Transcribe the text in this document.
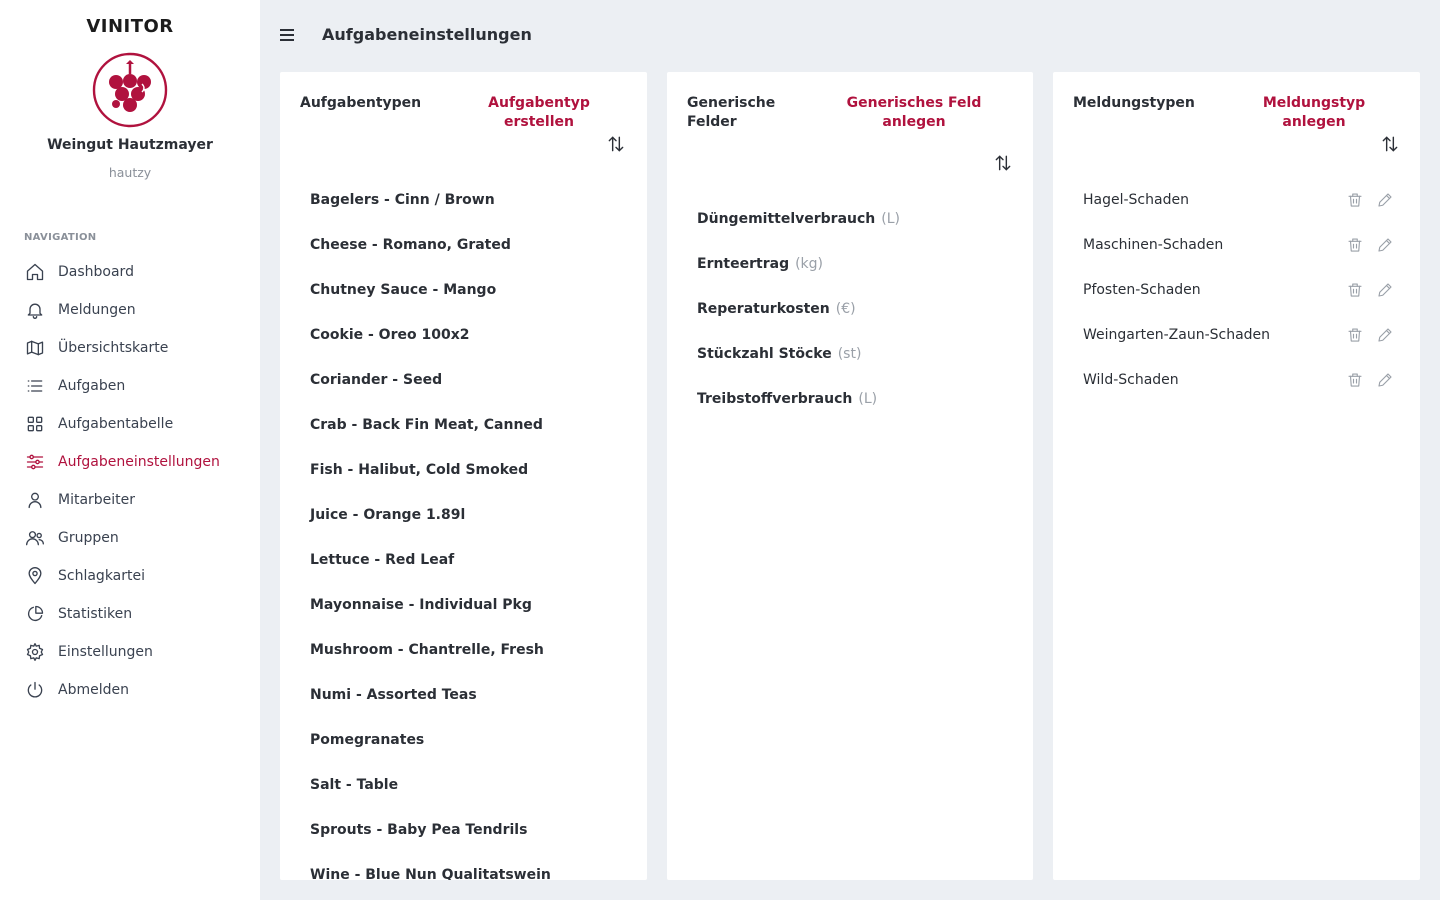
VINITOR
Weingut Hautzmayer
hautzy
NAVIGATION
Dashboard
Meldungen
Übersichtskarte
Aufgaben
Aufgabentabelle
Aufgabeneinstellungen
Mitarbeiter
Gruppen
Schlagkartei
Statistiken
Einstellungen
Abmelden
Aufgabeneinstellungen
Aufgabentypen	Aufgabentyp erstellen
Bagelers - Cinn / Brown
Cheese - Romano, Grated
Chutney Sauce - Mango
Cookie - Oreo 100x2
Coriander - Seed
Crab - Back Fin Meat, Canned
Fish - Halibut, Cold Smoked
Juice - Orange 1.89l
Lettuce - Red Leaf
Mayonnaise - Individual Pkg
Mushroom - Chantrelle, Fresh
Numi - Assorted Teas
Pomegranates
Salt - Table
Sprouts - Baby Pea Tendrils
Wine - Blue Nun Qualitatswein
Generische
Felder
Generisches Feld
anlegen
Düngemittelverbrauch (L)
Ernteertrag (kg)
Reperaturkosten (€)
Stückzahl Stöcke (st)
Treibstoffverbrauch (L)
Meldungstypen	Meldungstyp anlegen
Hagel-Schaden
Maschinen-Schaden
Pfosten-Schaden
Weingarten-Zaun-Schaden
Wild-Schaden
